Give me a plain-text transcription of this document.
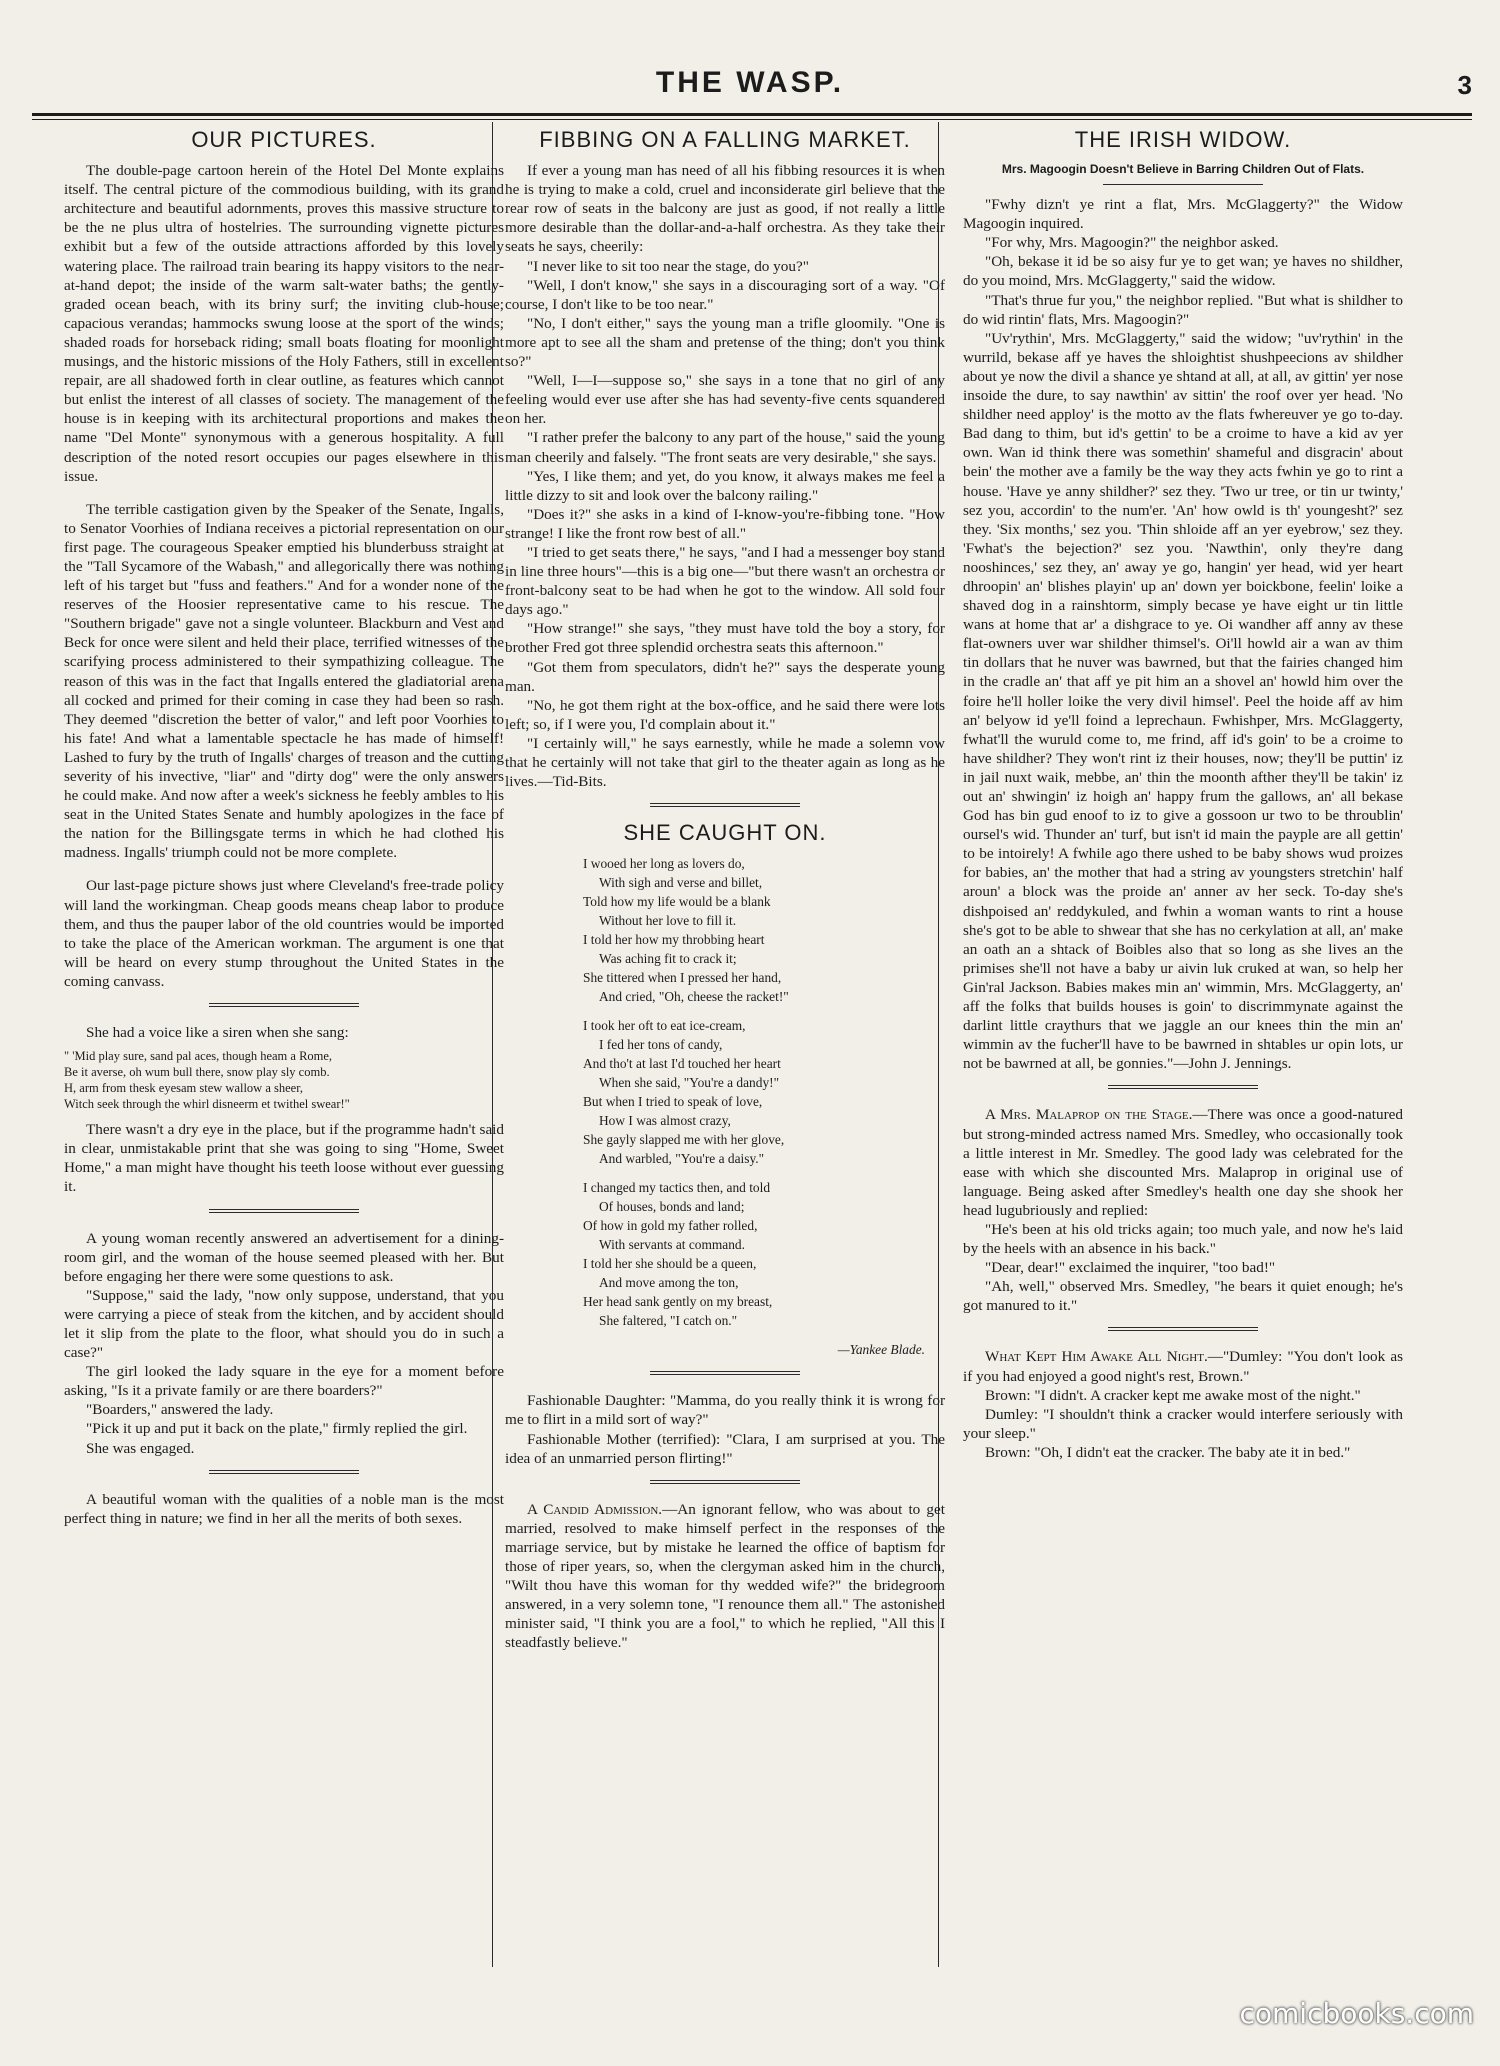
THE WASP.	3
OUR PICTURES.

The double-page cartoon herein of the Hotel Del Monte explains itself. The central picture of the commodious building, with its grand architecture and beautiful adornments, proves this massive structure to be the ne plus ultra of hostelries. The surrounding vignette pictures exhibit but a few of the outside attractions afforded by this lovely watering place. The railroad train bearing its happy visitors to the near-at-hand depot; the inside of the warm salt-water baths; the gently-graded ocean beach, with its briny surf; the inviting club-house; capacious verandas; hammocks swung loose at the sport of the winds; shaded roads for horseback riding; small boats floating for moonlight musings, and the historic missions of the Holy Fathers, still in excellent repair, are all shadowed forth in clear outline, as features which cannot but enlist the interest of all classes of society. The management of the house is in keeping with its architectural proportions and makes the name "Del Monte" synonymous with a generous hospitality. A full description of the noted resort occupies our pages elsewhere in this issue.

The terrible castigation given by the Speaker of the Senate, Ingalls, to Senator Voorhies of Indiana receives a pictorial representation on our first page. The courageous Speaker emptied his blunderbuss straight at the "Tall Sycamore of the Wabash," and allegorically there was nothing left of his target but "fuss and feathers." And for a wonder none of the reserves of the Hoosier representative came to his rescue. The "Southern brigade" gave not a single volunteer. Blackburn and Vest and Beck for once were silent and held their place, terrified witnesses of the scarifying process administered to their sympathizing colleague. The reason of this was in the fact that Ingalls entered the gladiatorial arena all cocked and primed for their coming in case they had been so rash. They deemed "discretion the better of valor," and left poor Voorhies to his fate! And what a lamentable spectacle he has made of himself! Lashed to fury by the truth of Ingalls' charges of treason and the cutting severity of his invective, "liar" and "dirty dog" were the only answers he could make. And now after a week's sickness he feebly ambles to his seat in the United States Senate and humbly apologizes in the face of the nation for the Billingsgate terms in which he had clothed his madness. Ingalls' triumph could not be more complete.

Our last-page picture shows just where Cleveland's free-trade policy will land the workingman. Cheap goods means cheap labor to produce them, and thus the pauper labor of the old countries would be imported to take the place of the American workman. The argument is one that will be heard on every stump throughout the United States in the coming canvass.

She had a voice like a siren when she sang:

" 'Mid play sure, sand pal aces, though heam a Rome,
Be it averse, oh wum bull there, snow play sly comb.
H, arm from thesk eyesam stew wallow a sheer,
Witch seek through the whirl disneerm et twithel swear!"

There wasn't a dry eye in the place, but if the programme hadn't said in clear, unmistakable print that she was going to sing "Home, Sweet Home," a man might have thought his teeth loose without ever guessing it.

A young woman recently answered an advertisement for a dining-room girl, and the woman of the house seemed pleased with her. But before engaging her there were some questions to ask.

"Suppose," said the lady, "now only suppose, understand, that you were carrying a piece of steak from the kitchen, and by accident should let it slip from the plate to the floor, what should you do in such a case?"

The girl looked the lady square in the eye for a moment before asking, "Is it a private family or are there boarders?"

"Boarders," answered the lady.

"Pick it up and put it back on the plate," firmly replied the girl.

She was engaged.

A beautiful woman with the qualities of a noble man is the most perfect thing in nature; we find in her all the merits of both sexes.

FIBBING ON A FALLING MARKET.

If ever a young man has need of all his fibbing resources it is when he is trying to make a cold, cruel and inconsiderate girl believe that the rear row of seats in the balcony are just as good, if not really a little more desirable than the dollar-and-a-half orchestra. As they take their seats he says, cheerily:

"I never like to sit too near the stage, do you?"

"Well, I don't know," she says in a discouraging sort of a way. "Of course, I don't like to be too near."

"No, I don't either," says the young man a trifle gloomily. "One is more apt to see all the sham and pretense of the thing; don't you think so?"

"Well, I—I—suppose so," she says in a tone that no girl of any feeling would ever use after she has had seventy-five cents squandered on her.

"I rather prefer the balcony to any part of the house," said the young man cheerily and falsely. "The front seats are very desirable," she says.

"Yes, I like them; and yet, do you know, it always makes me feel a little dizzy to sit and look over the balcony railing."

"Does it?" she asks in a kind of I-know-you're-fibbing tone. "How strange! I like the front row best of all."

"I tried to get seats there," he says, "and I had a messenger boy stand in line three hours"—this is a big one—"but there wasn't an orchestra or front-balcony seat to be had when he got to the window. All sold four days ago."

"How strange!" she says, "they must have told the boy a story, for brother Fred got three splendid orchestra seats this afternoon."

"Got them from speculators, didn't he?" says the desperate young man.

"No, he got them right at the box-office, and he said there were lots left; so, if I were you, I'd complain about it."

"I certainly will," he says earnestly, while he made a solemn vow that he certainly will not take that girl to the theater again as long as he lives.—Tid-Bits.

SHE CAUGHT ON.
I wooed her long as lovers do,
With sigh and verse and billet,
Told how my life would be a blank
Without her love to fill it.
I told her how my throbbing heart
Was aching fit to crack it;
She tittered when I pressed her hand,
And cried, "Oh, cheese the racket!"
I took her oft to eat ice-cream,
I fed her tons of candy,
And tho't at last I'd touched her heart
When she said, "You're a dandy!"
But when I tried to speak of love,
How I was almost crazy,
She gayly slapped me with her glove,
And warbled, "You're a daisy."
I changed my tactics then, and told
Of houses, bonds and land;
Of how in gold my father rolled,
With servants at command.
I told her she should be a queen,
And move among the ton,
Her head sank gently on my breast,
She faltered, "I catch on."
—Yankee Blade.

Fashionable Daughter: "Mamma, do you really think it is wrong for me to flirt in a mild sort of way?"

Fashionable Mother (terrified): "Clara, I am surprised at you. The idea of an unmarried person flirting!"

A Candid Admission.—An ignorant fellow, who was about to get married, resolved to make himself perfect in the responses of the marriage service, but by mistake he learned the office of baptism for those of riper years, so, when the clergyman asked him in the church, "Wilt thou have this woman for thy wedded wife?" the bridegroom answered, in a very solemn tone, "I renounce them all." The astonished minister said, "I think you are a fool," to which he replied, "All this I steadfastly believe."

THE IRISH WIDOW.
Mrs. Magoogin Doesn't Believe in Barring Children Out of Flats.

"Fwhy dizn't ye rint a flat, Mrs. McGlaggerty?" the Widow Magoogin inquired.

"For why, Mrs. Magoogin?" the neighbor asked.

"Oh, bekase it id be so aisy fur ye to get wan; ye haves no shildher, do you moind, Mrs. McGlaggerty," said the widow.

"That's thrue fur you," the neighbor replied. "But what is shildher to do wid rintin' flats, Mrs. Magoogin?"

"Uv'rythin', Mrs. McGlaggerty," said the widow; "uv'rythin' in the wurrild, bekase aff ye haves the shloightist shushpeecions av shildher about ye now the divil a shance ye shtand at all, at all, av gittin' yer nose insoide the dure, to say nawthin' av sittin' the roof over yer head. 'No shildher need apploy' is the motto av the flats fwhereuver ye go to-day. Bad dang to thim, but id's gettin' to be a croime to have a kid av yer own. Wan id think there was somethin' shameful and disgracin' about bein' the mother ave a family be the way they acts fwhin ye go to rint a house. 'Have ye anny shildher?' sez they. 'Two ur tree, or tin ur twinty,' sez you, accordin' to the num'er. 'An' how owld is th' youngesht?' sez they. 'Six months,' sez you. 'Thin shloide aff an yer eyebrow,' sez they. 'Fwhat's the bejection?' sez you. 'Nawthin', only they're dang nooshinces,' sez they, an' away ye go, hangin' yer head, wid yer heart dhroopin' an' blishes playin' up an' down yer boickbone, feelin' loike a shaved dog in a rainshtorm, simply becase ye have eight ur tin little wans at home that ar' a dishgrace to ye. Oi wandher aff anny av these flat-owners uver war shildher thimsel's. Oi'll howld air a wan av thim tin dollars that he nuver was bawrned, but that the fairies changed him in the cradle an' that aff ye pit him an a shovel an' howld him over the foire he'll holler loike the very divil himsel'. Peel the hoide aff av him an' belyow id ye'll foind a leprechaun. Fwhishper, Mrs. McGlaggerty, fwhat'll the wuruld come to, me frind, aff id's goin' to be a croime to have shildher? They won't rint iz their houses, now; they'll be puttin' iz in jail nuxt waik, mebbe, an' thin the moonth afther they'll be takin' iz out an' shwingin' iz hoigh an' happy frum the gallows, an' all bekase God has bin gud enoof to iz to give a gossoon ur two to be throublin' oursel's wid. Thunder an' turf, but isn't id main the payple are all gettin' to be intoirely! A fwhile ago there ushed to be baby shows wud proizes for babies, an' the mother that had a string av youngsters stretchin' half aroun' a block was the proide an' anner av her seck. To-day she's dishpoised an' reddykuled, and fwhin a woman wants to rint a house she's got to be able to shwear that she has no cerkylation at all, an' make an oath an a shtack of Boibles also that so long as she lives an the primises she'll not have a baby ur aivin luk cruked at wan, so help her Gin'ral Jackson. Babies makes min an' wimmin, Mrs. McGlaggerty, an' aff the folks that builds houses is goin' to discrimmynate against the darlint little craythurs that we jaggle an our knees thin the min an' wimmin av the fucher'll have to be bawrned in shtables ur opin lots, ur not be bawrned at all, be gonnies."—John J. Jennings.

A Mrs. Malaprop on the Stage.—There was once a good-natured but strong-minded actress named Mrs. Smedley, who occasionally took a little interest in Mr. Smedley. The good lady was celebrated for the ease with which she discounted Mrs. Malaprop in original use of language. Being asked after Smedley's health one day she shook her head lugubriously and replied:

"He's been at his old tricks again; too much yale, and now he's laid by the heels with an absence in his back."

"Dear, dear!" exclaimed the inquirer, "too bad!"

"Ah, well," observed Mrs. Smedley, "he bears it quiet enough; he's got manured to it."

What Kept Him Awake All Night.—"Dumley: "You don't look as if you had enjoyed a good night's rest, Brown."

Brown: "I didn't. A cracker kept me awake most of the night."

Dumley: "I shouldn't think a cracker would interfere seriously with your sleep."

Brown: "Oh, I didn't eat the cracker. The baby ate it in bed."

comicbooks.com
